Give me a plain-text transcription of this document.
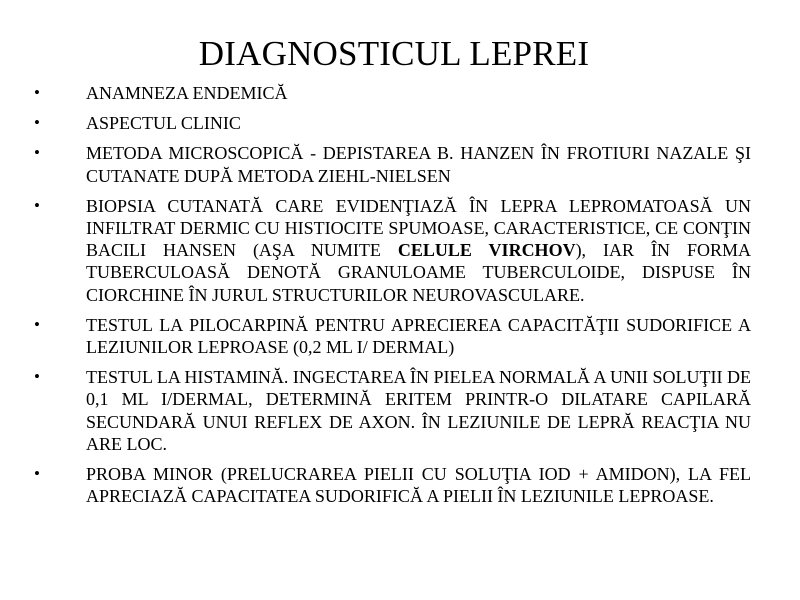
DIAGNOSTICUL LEPREI
•	ANAMNEZA ENDEMICĂ
•	ASPECTUL CLINIC
•	METODA MICROSCOPICĂ - DEPISTAREA B. HANZEN ÎN FROTIURI NAZALE ŞI CUTANATE DUPĂ METODA ZIEHL-NIELSEN
•	BIOPSIA CUTANATĂ CARE EVIDENŢIAZĂ ÎN LEPRA LEPROMATOASĂ UN INFILTRAT DERMIC CU HISTIOCITE SPUMOASE, CARACTERISTICE, CE CONŢIN BACILI HANSEN (AŞA NUMITE CELULE VIRCHOV), IAR ÎN FORMA TUBERCULOASĂ DENOTĂ GRANULOAME TUBERCULOIDE, DISPUSE ÎN CIORCHINE ÎN JURUL STRUCTURILOR NEUROVASCULARE.
•	TESTUL LA PILOCARPINĂ PENTRU APRECIEREA CAPACITĂŢII SUDORIFICE A LEZIUNILOR LEPROASE (0,2 ML I/ DERMAL)
•	TESTUL LA HISTAMINĂ. INGECTAREA ÎN PIELEA NORMALĂ A UNII SOLUŢII DE 0,1 ML I/DERMAL, DETERMINĂ ERITEM PRINTR-O DILATARE CAPILARĂ SECUNDARĂ UNUI REFLEX DE AXON. ÎN LEZIUNILE DE LEPRĂ REACŢIA NU ARE LOC.
•	PROBA MINOR (PRELUCRAREA PIELII CU SOLUŢIA IOD + AMIDON), LA FEL APRECIAZĂ CAPACITATEA SUDORIFICĂ A PIELII ÎN LEZIUNILE LEPROASE.
